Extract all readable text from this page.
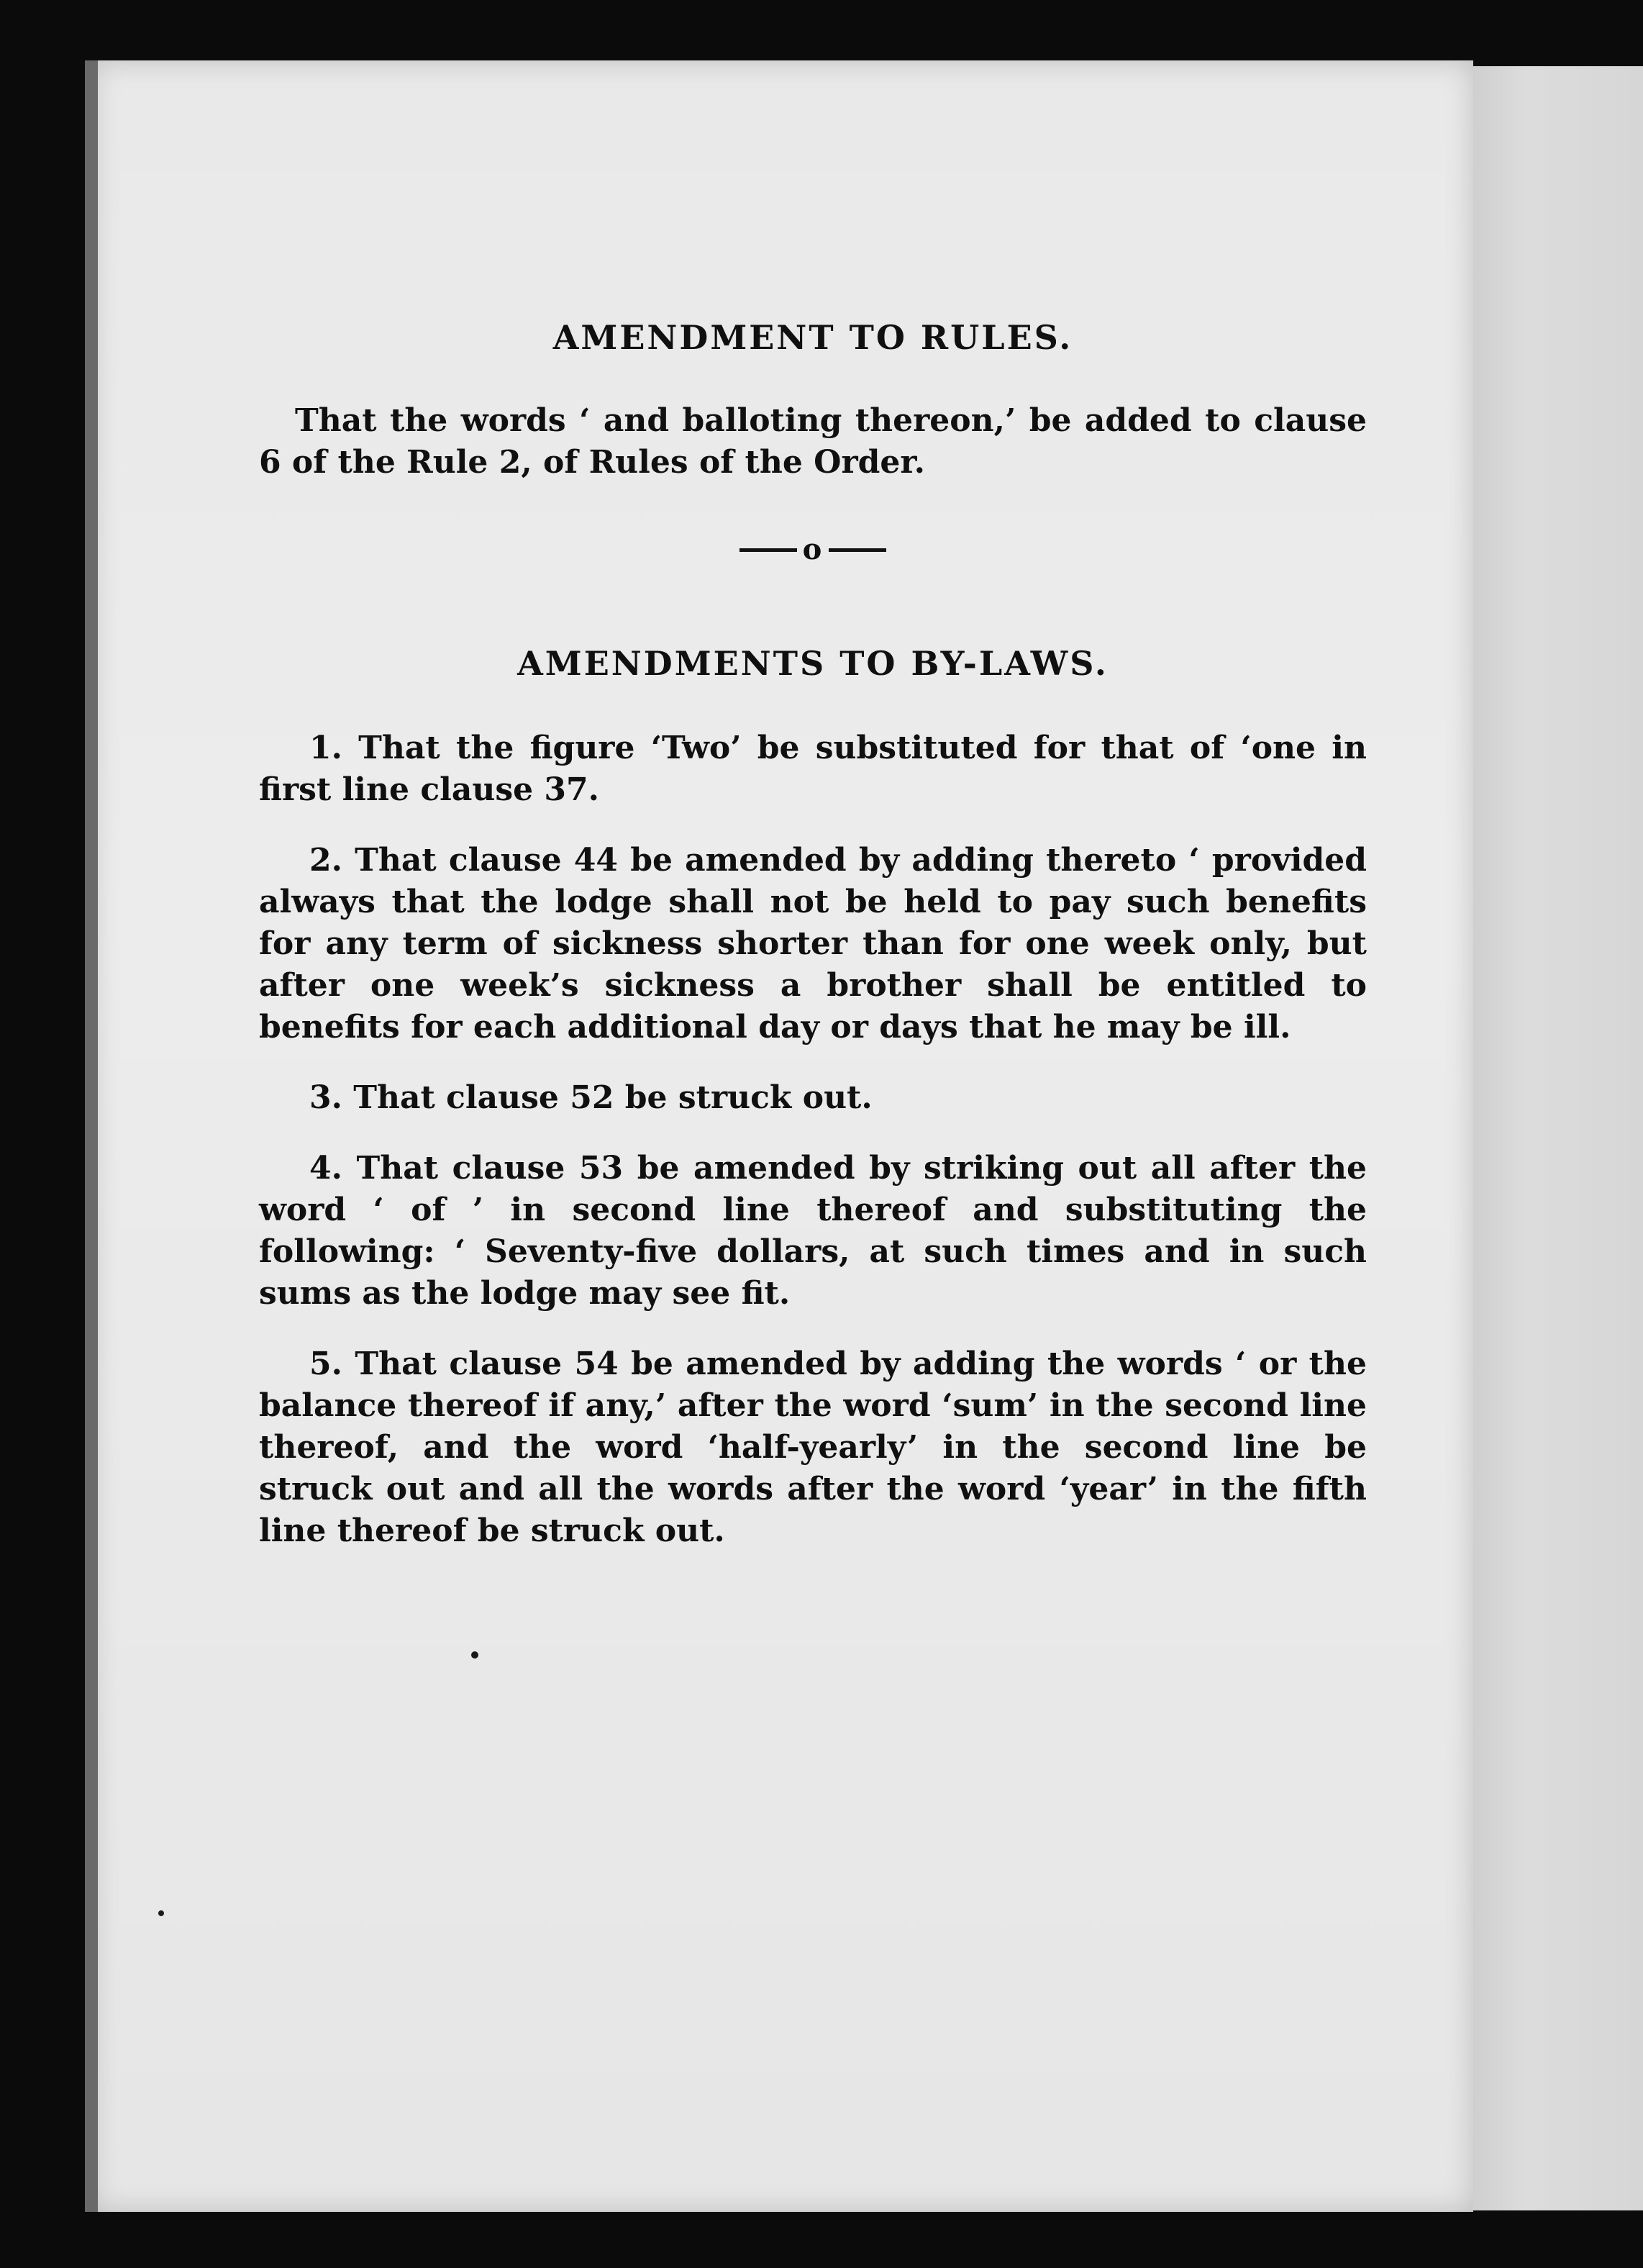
AMENDMENT TO RULES.
That the words ‘ and balloting thereon,’ be added to clause 6 of the Rule 2, of Rules of the Order.
o
AMENDMENTS TO BY-LAWS.
1. That the figure ‘Two’ be substituted for that of ‘one in first line clause 37.
2. That clause 44 be amended by adding thereto ‘ provided always that the lodge shall not be held to pay such benefits for any term of sickness shorter than for one week only, but after one week’s sickness a brother shall be entitled to benefits for each additional day or days that he may be ill.
3. That clause 52 be struck out.
4. That clause 53 be amended by striking out all after the word ‘ of ’ in second line thereof and substituting the following: ‘ Seventy-five dollars, at such times and in such sums as the lodge may see fit.
5. That clause 54 be amended by adding the words ‘ or the balance thereof if any,’ after the word ‘sum’ in the second line thereof, and the word ‘half-yearly’ in the second line be struck out and all the words after the word ‘year’ in the fifth line thereof be struck out.
